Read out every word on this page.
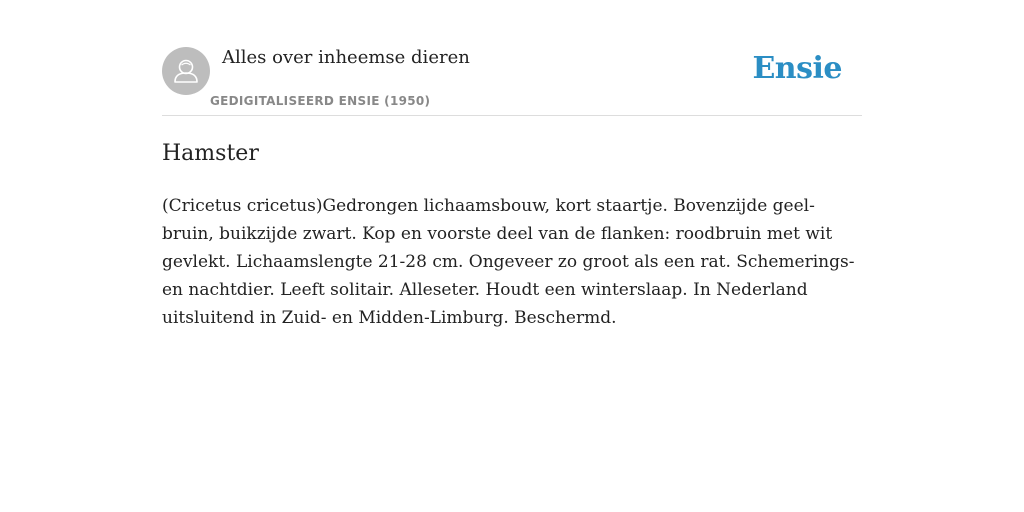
Alles over inheemse dieren
GEDIGITALISEERD ENSIE (1950)
Ensie
Hamster

(Cricetus cricetus)Gedrongen lichaamsbouw, kort staartje. Bovenzijde geel-bruin, buikzijde zwart. Kop en voorste deel van de flanken: roodbruin met wit gevlekt. Lichaamslengte 21-28 cm. Ongeveer zo groot als een rat. Schemerings- en nachtdier. Leeft solitair. Alleseter. Houdt een winterslaap. In Nederland uitsluitend in Zuid- en Midden-Limburg. Beschermd.
